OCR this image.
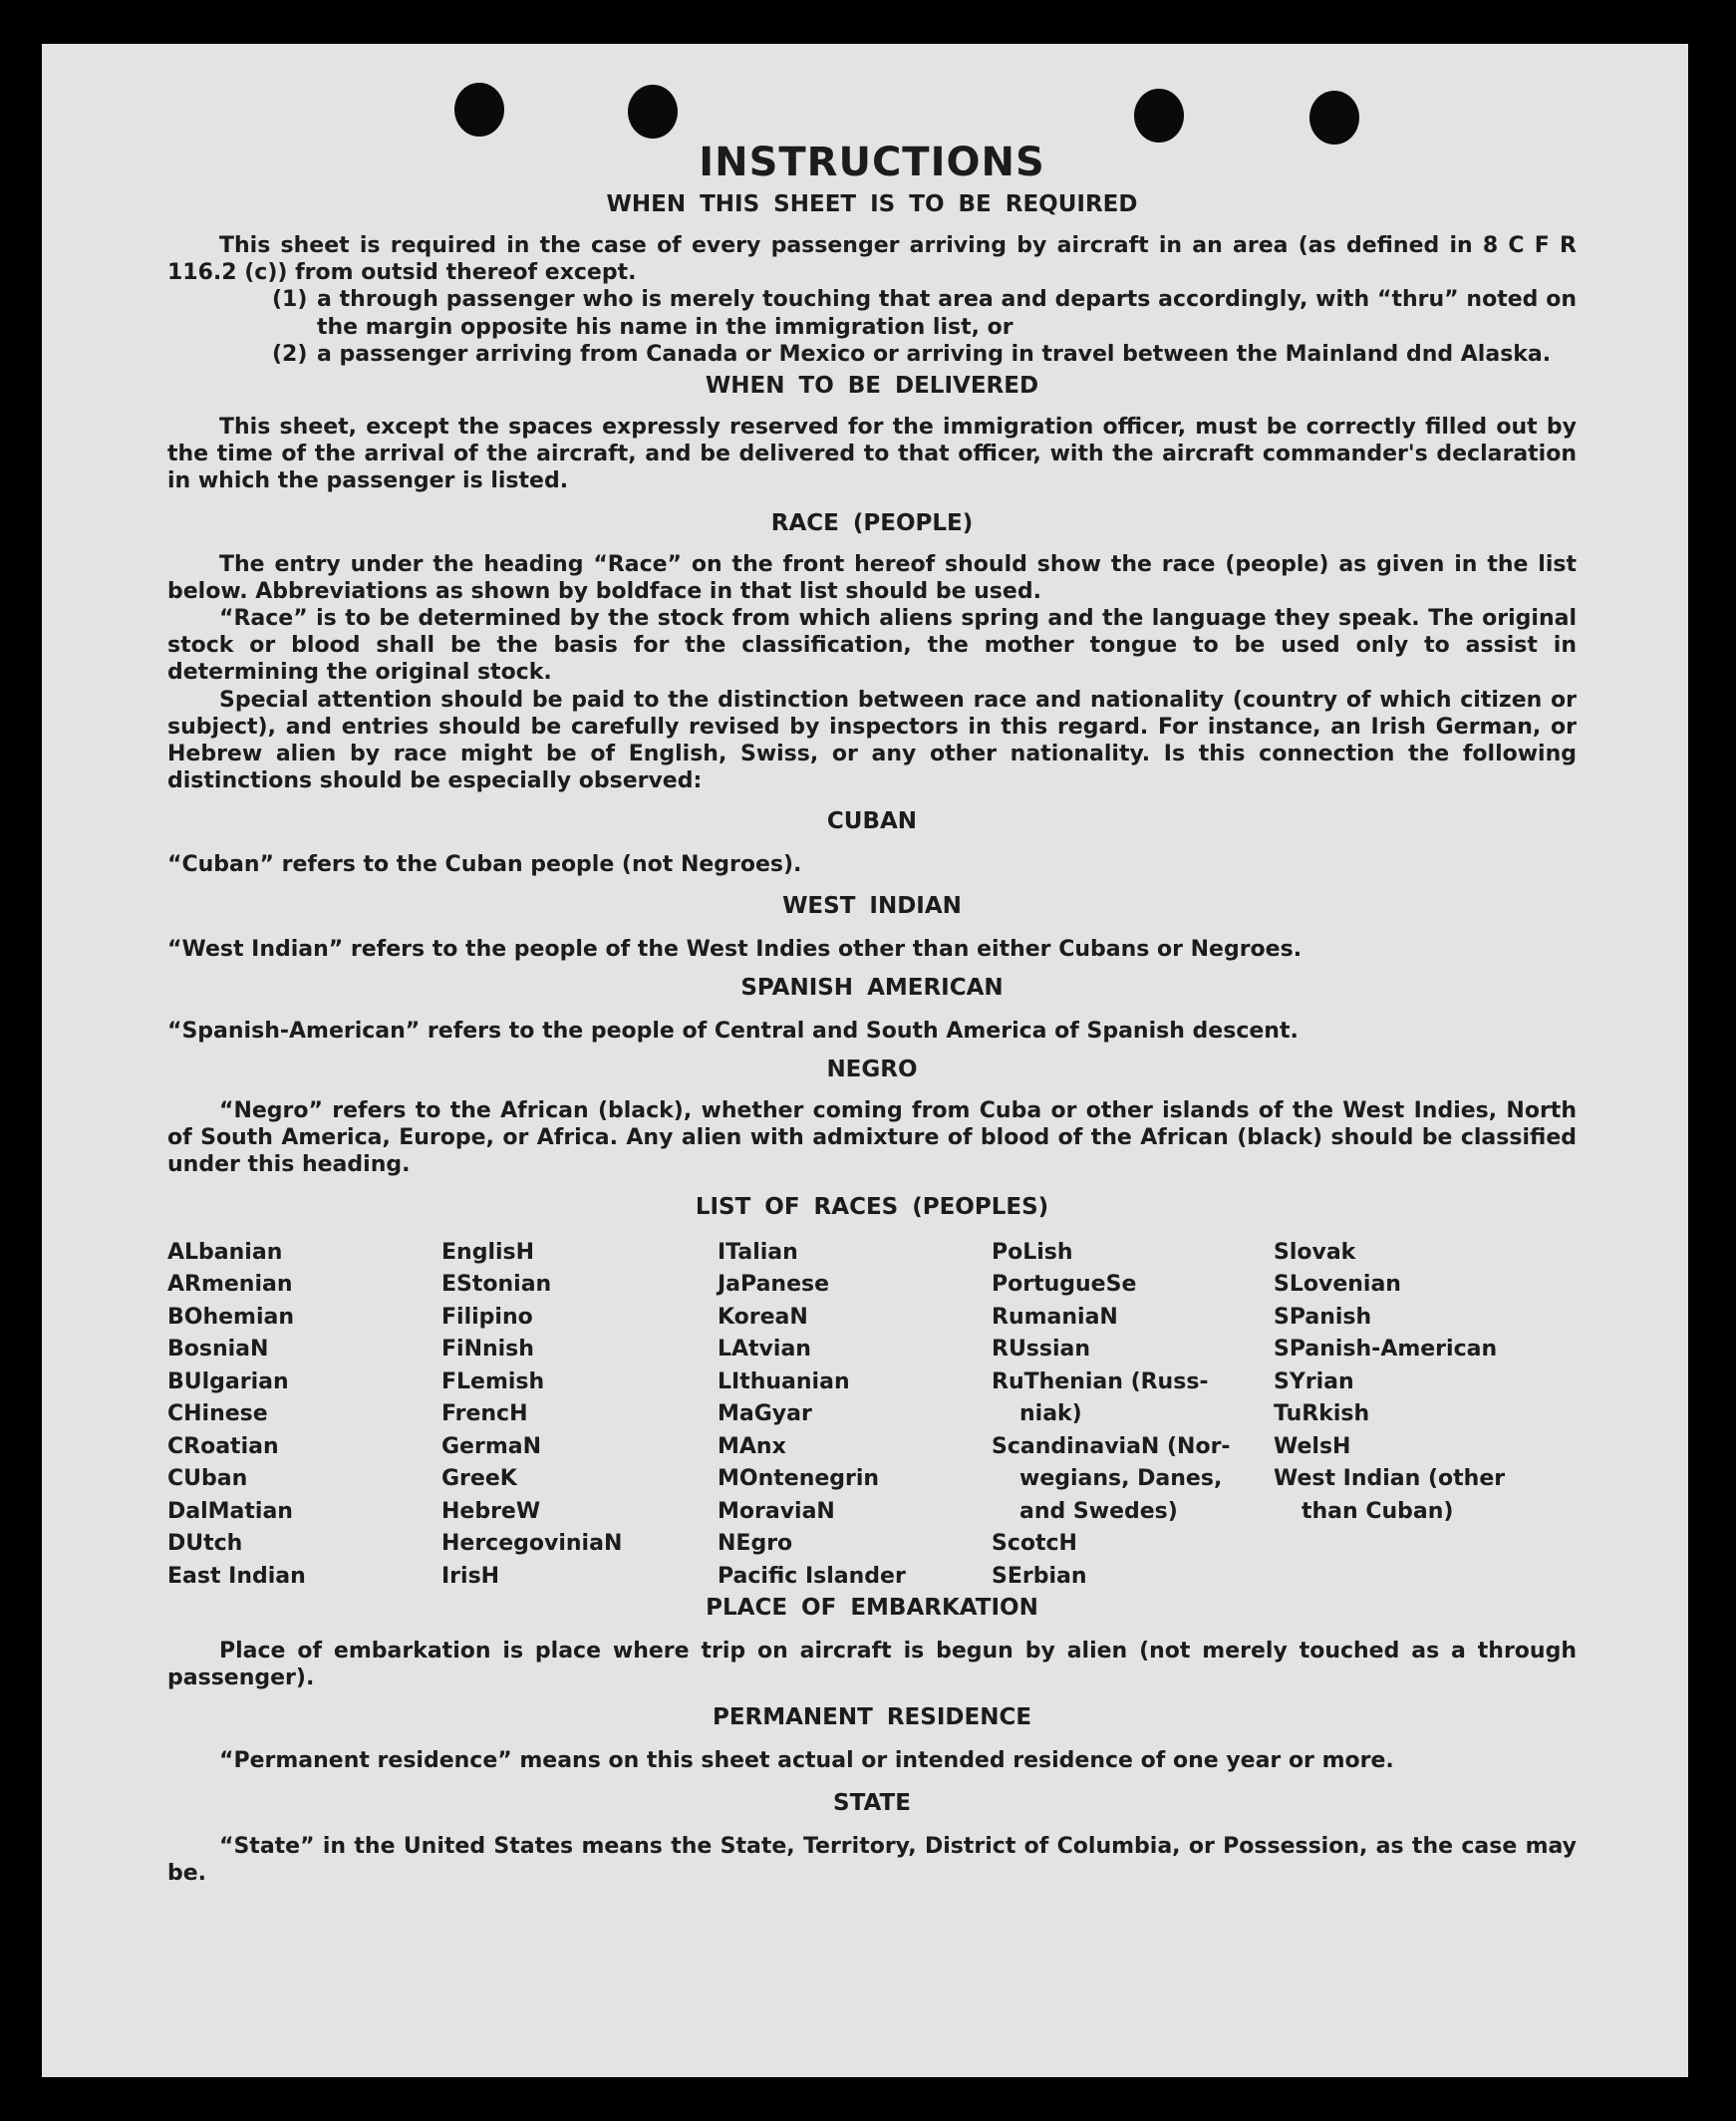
INSTRUCTIONS
WHEN THIS SHEET IS TO BE REQUIRED

This sheet is required in the case of every passenger arriving by aircraft in an area (as defined in 8 C F R 116.2 (c)) from outsid thereof except.

(1) a through passenger who is merely touching that area and departs accordingly, with “thru” noted on the margin opposite his name in the immigration list, or
(2) a passenger arriving from Canada or Mexico or arriving in travel between the Mainland dnd Alaska.
WHEN TO BE DELIVERED

This sheet, except the spaces expressly reserved for the immigration officer, must be correctly filled out by the time of the arrival of the aircraft, and be delivered to that officer, with the aircraft commander's declaration in which the passenger is listed.

RACE (PEOPLE)

The entry under the heading “Race” on the front hereof should show the race (people) as given in the list below. Abbreviations as shown by boldface in that list should be used.

“Race” is to be determined by the stock from which aliens spring and the language they speak. The original stock or blood shall be the basis for the classification, the mother tongue to be used only to assist in determining the original stock.

Special attention should be paid to the distinction between race and nationality (country of which citizen or subject), and entries should be carefully revised by inspectors in this regard. For instance, an Irish German, or Hebrew alien by race might be of English, Swiss, or any other nationality. Is this connection the following distinctions should be especially observed:

CUBAN

“Cuban” refers to the Cuban people (not Negroes).

WEST INDIAN

“West Indian” refers to the people of the West Indies other than either Cubans or Negroes.

SPANISH AMERICAN

“Spanish-American” refers to the people of Central and South America of Spanish descent.

NEGRO

“Negro” refers to the African (black), whether coming from Cuba or other islands of the West Indies, North of South America, Europe, or Africa. Any alien with admixture of blood of the African (black) should be classified under this heading.

LIST OF RACES (PEOPLES)
ALbanian
ARmenian
BOhemian
BosniaN
BUlgarian
CHinese
CRoatian
CUban
DalMatian
DUtch
East Indian
EnglisH
EStonian
Filipino
FiNnish
FLemish
FrencH
GermaN
GreeK
HebreW
HercegoviniaN
IrisH
ITalian
JaPanese
KoreaN
LAtvian
LIthuanian
MaGyar
MAnx
MOntenegrin
MoraviaN
NEgro
Pacific Islander
PoLish
PortugueSe
RumaniaN
RUssian
RuThenian (Russ-
niak)
ScandinaviaN (Nor-
wegians, Danes,
and Swedes)
ScotcH
SErbian
Slovak
SLovenian
SPanish
SPanish-American
SYrian
TuRkish
WelsH
West Indian (other
than Cuban)
PLACE OF EMBARKATION

Place of embarkation is place where trip on aircraft is begun by alien (not merely touched as a through passenger).

PERMANENT RESIDENCE

“Permanent residence” means on this sheet actual or intended residence of one year or more.

STATE

“State” in the United States means the State, Territory, District of Columbia, or Possession, as the case may be.
